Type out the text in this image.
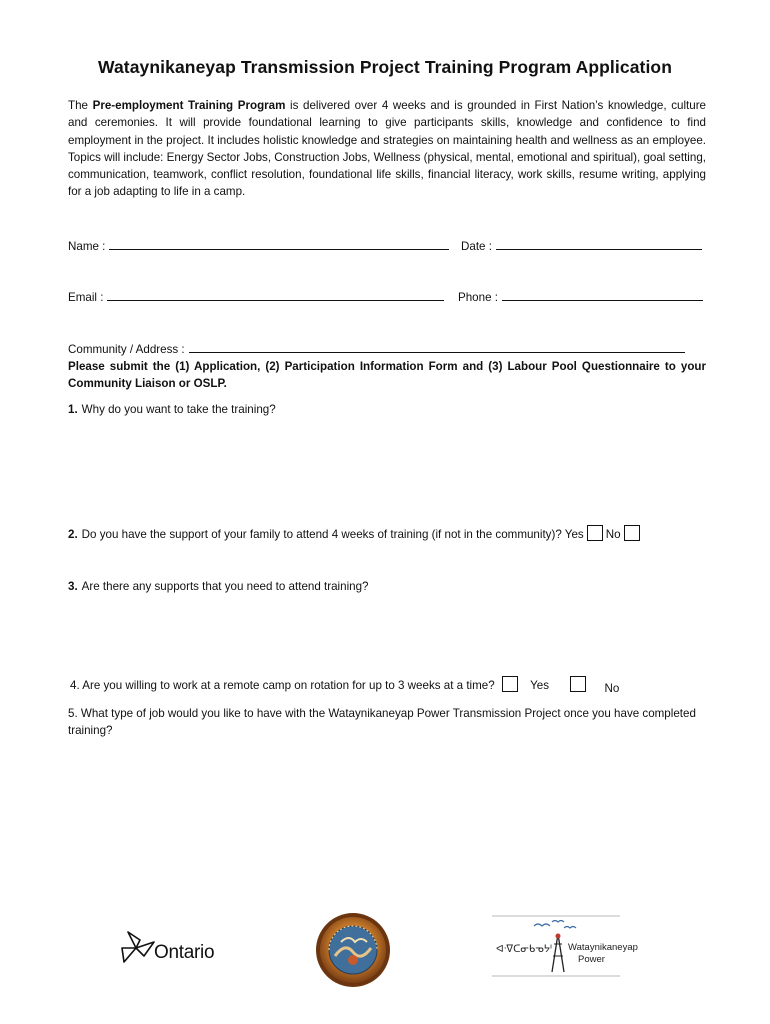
Wataynikaneyap Transmission Project Training Program Application
The Pre-employment Training Program is delivered over 4 weeks and is grounded in First Nation’s knowledge, culture and ceremonies. It will provide foundational learning to give participants skills, knowledge and confidence to find employment in the project. It includes holistic knowledge and strategies on maintaining health and wellness as an employee. Topics will include: Energy Sector Jobs, Construction Jobs, Wellness (physical, mental, emotional and spiritual), goal setting, communication, teamwork, conflict resolution, foundational life skills, financial literacy, work skills, resume writing, applying for a job adapting to life in a camp.
Name :	Date :
Email :	Phone :
Community / Address :
Please submit the (1) Application, (2) Participation Information Form and (3) Labour Pool Questionnaire to your Community Liaison or OSLP.
1. Why do you want to take the training?
2. Do you have the support of your family to attend 4 weeks of training (if not in the community)? Yes No
3. Are there any supports that you need to attend training?
4. Are you willing to work at a remote camp on rotation for up to 3 weeks at a time?	Yes	No
5. What type of job would you like to have with the Wataynikaneyap Power Transmission Project once you have completed training?
Ontario	ᐊᐧᐁᑕᓂᑲᓀᔭᑊ Wataynikaneyap
Power
